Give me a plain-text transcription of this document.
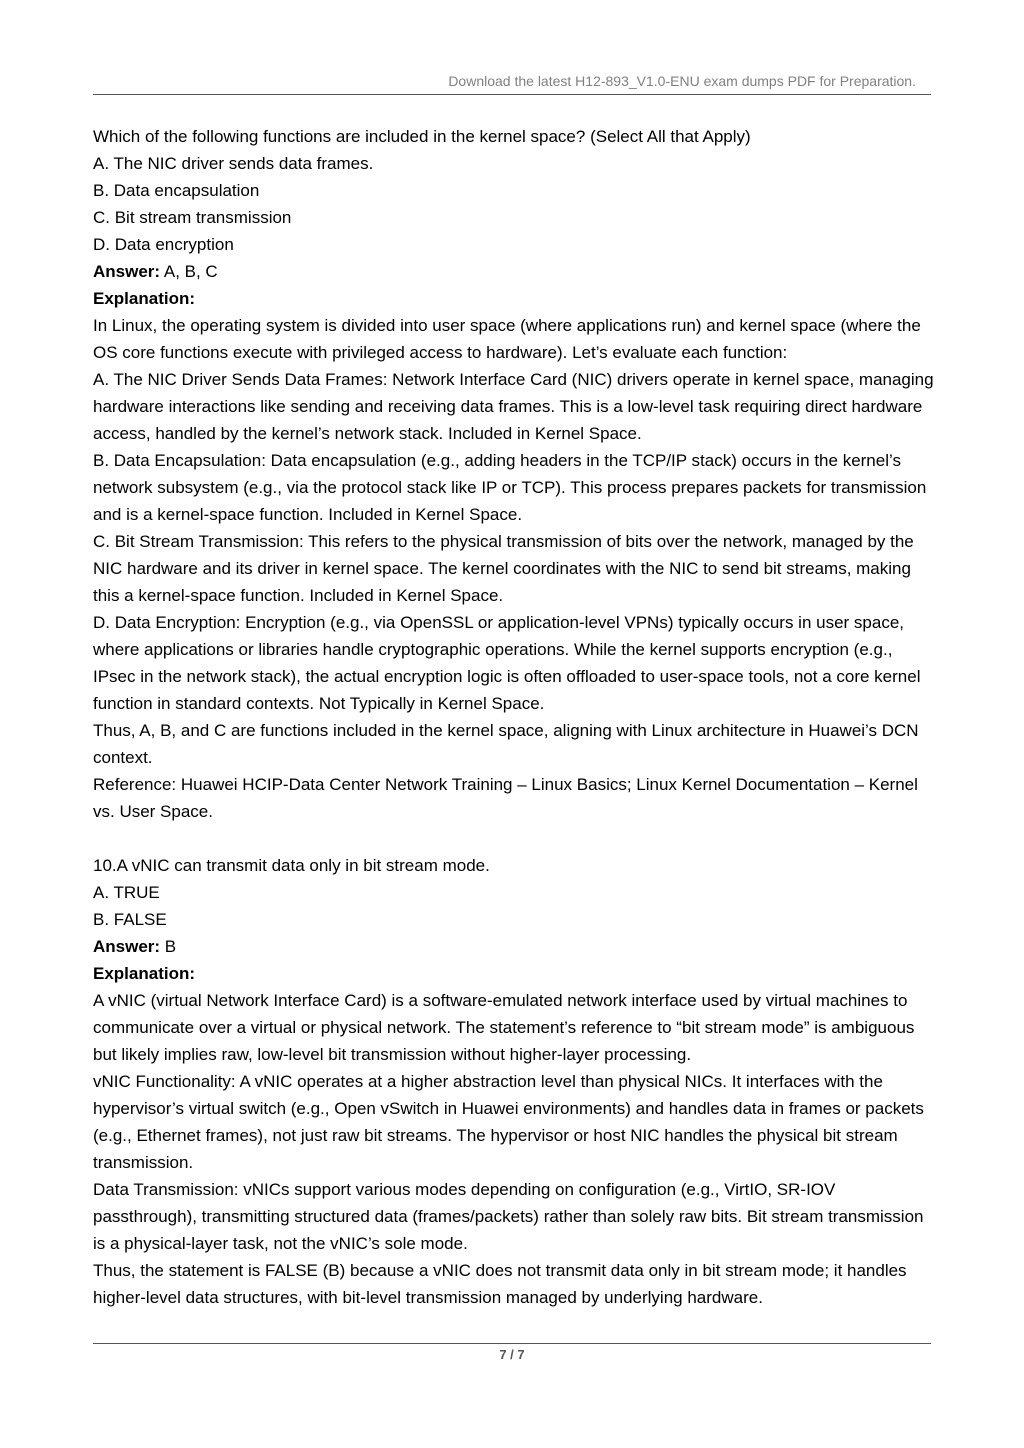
Download the latest H12-893_V1.0-ENU exam dumps PDF for Preparation.

Which of the following functions are included in the kernel space? (Select All that Apply)

A. The NIC driver sends data frames.

B. Data encapsulation

C. Bit stream transmission

D. Data encryption

Answer: A, B, C

Explanation:

In Linux, the operating system is divided into user space (where applications run) and kernel space (where the OS core functions execute with privileged access to hardware). Let’s evaluate each function:

A. The NIC Driver Sends Data Frames: Network Interface Card (NIC) drivers operate in kernel space, managing hardware interactions like sending and receiving data frames. This is a low-level task requiring direct hardware access, handled by the kernel’s network stack. Included in Kernel Space.

B. Data Encapsulation: Data encapsulation (e.g., adding headers in the TCP/IP stack) occurs in the kernel’s network subsystem (e.g., via the protocol stack like IP or TCP). This process prepares packets for transmission and is a kernel-space function. Included in Kernel Space.

C. Bit Stream Transmission: This refers to the physical transmission of bits over the network, managed by the NIC hardware and its driver in kernel space. The kernel coordinates with the NIC to send bit streams, making this a kernel-space function. Included in Kernel Space.

D. Data Encryption: Encryption (e.g., via OpenSSL or application-level VPNs) typically occurs in user space, where applications or libraries handle cryptographic operations. While the kernel supports encryption (e.g., IPsec in the network stack), the actual encryption logic is often offloaded to user-space tools, not a core kernel function in standard contexts. Not Typically in Kernel Space.

Thus, A, B, and C are functions included in the kernel space, aligning with Linux architecture in Huawei’s DCN context.

Reference: Huawei HCIP-Data Center Network Training – Linux Basics; Linux Kernel Documentation – Kernel vs. User Space.

10.A vNIC can transmit data only in bit stream mode.

A. TRUE

B. FALSE

Answer: B

Explanation:

A vNIC (virtual Network Interface Card) is a software-emulated network interface used by virtual machines to communicate over a virtual or physical network. The statement’s reference to “bit stream mode” is ambiguous but likely implies raw, low-level bit transmission without higher-layer processing.

vNIC Functionality: A vNIC operates at a higher abstraction level than physical NICs. It interfaces with the hypervisor’s virtual switch (e.g., Open vSwitch in Huawei environments) and handles data in frames or packets (e.g., Ethernet frames), not just raw bit streams. The hypervisor or host NIC handles the physical bit stream transmission.

Data Transmission: vNICs support various modes depending on configuration (e.g., VirtIO, SR-IOV passthrough), transmitting structured data (frames/packets) rather than solely raw bits. Bit stream transmission is a physical-layer task, not the vNIC’s sole mode.

Thus, the statement is FALSE (B) because a vNIC does not transmit data only in bit stream mode; it handles higher-level data structures, with bit-level transmission managed by underlying hardware.

7 / 7
